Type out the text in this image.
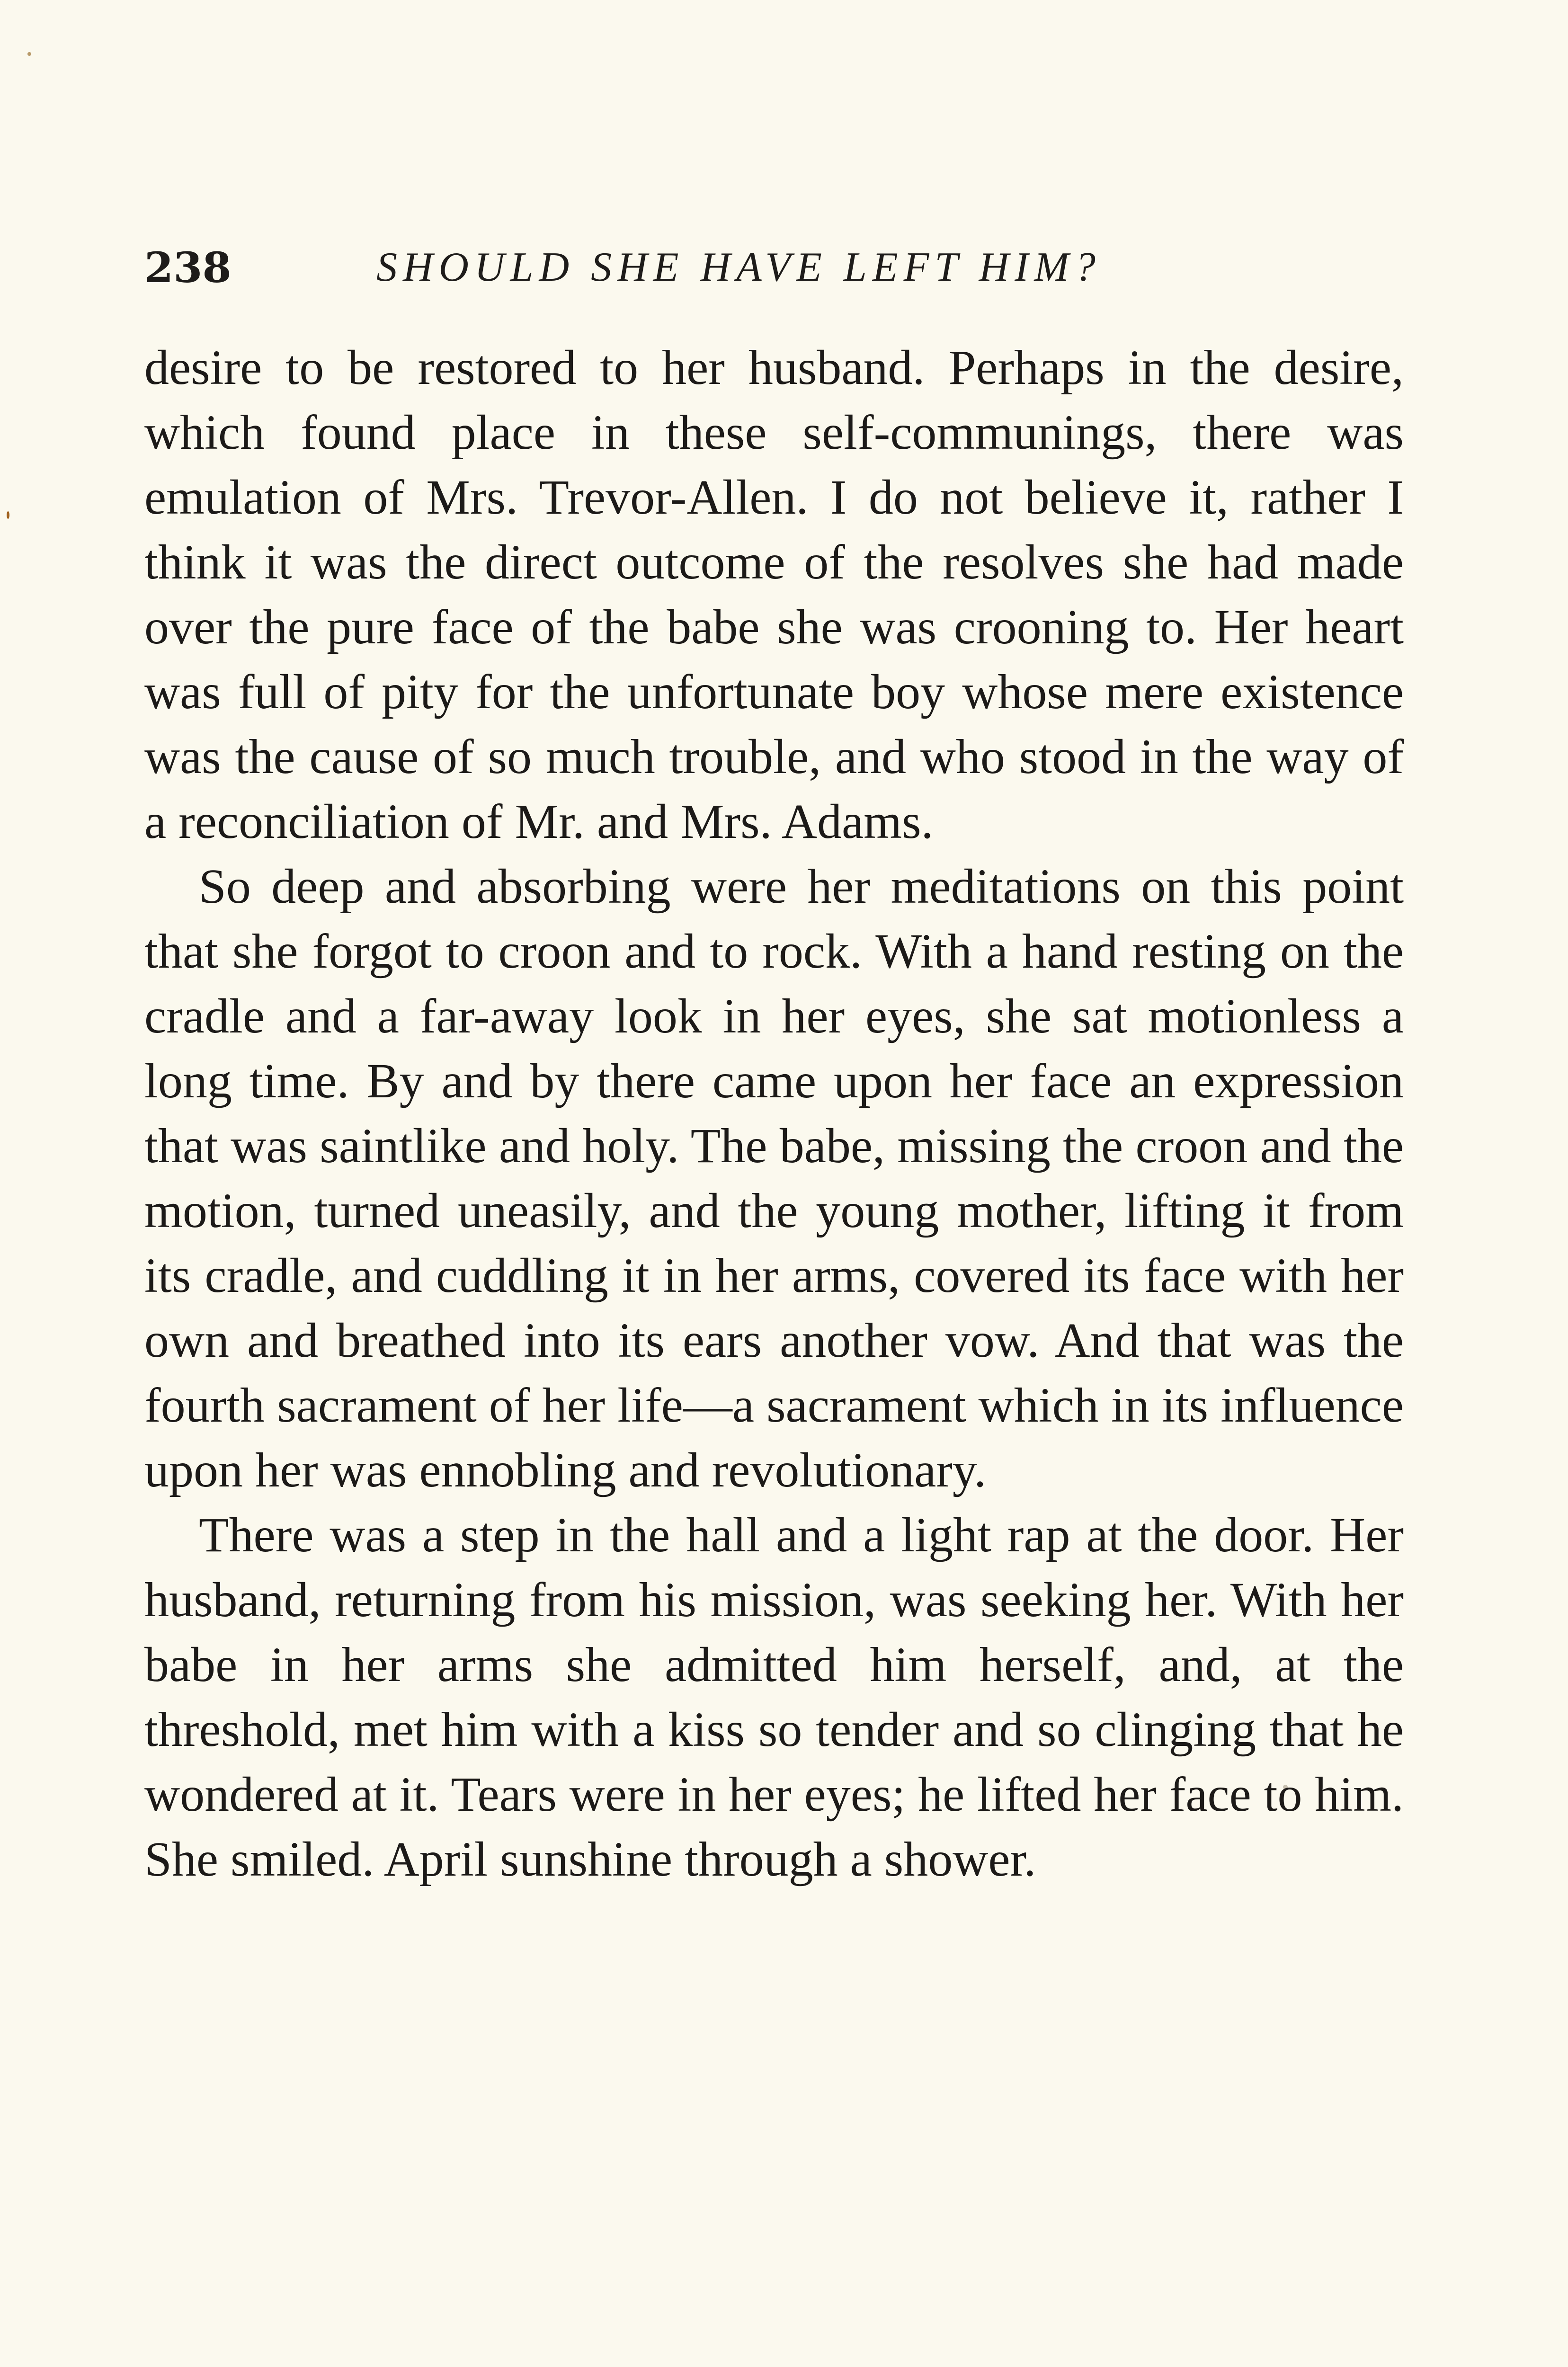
238	SHOULD SHE HAVE LEFT HIM?

desire to be restored to her husband. Perhaps in the desire, which found place in these self-communings, there was emulation of Mrs. Trevor-Allen. I do not believe it, rather I think it was the direct outcome of the resolves she had made over the pure face of the babe she was crooning to. Her heart was full of pity for the unfortunate boy whose mere existence was the cause of so much trouble, and who stood in the way of a reconciliation of Mr. and Mrs. Adams.

So deep and absorbing were her meditations on this point that she forgot to croon and to rock. With a hand resting on the cradle and a far-away look in her eyes, she sat motionless a long time. By and by there came upon her face an expression that was saintlike and holy. The babe, missing the croon and the motion, turned uneasily, and the young mother, lifting it from its cradle, and cuddling it in her arms, covered its face with her own and breathed into its ears another vow. And that was the fourth sacrament of her life—a sacrament which in its influence upon her was ennobling and revolutionary.

There was a step in the hall and a light rap at the door. Her husband, returning from his mission, was seeking her. With her babe in her arms she admitted him herself, and, at the threshold, met him with a kiss so tender and so clinging that he wondered at it. Tears were in her eyes; he lifted her face to him. She smiled. April sunshine through a shower.
